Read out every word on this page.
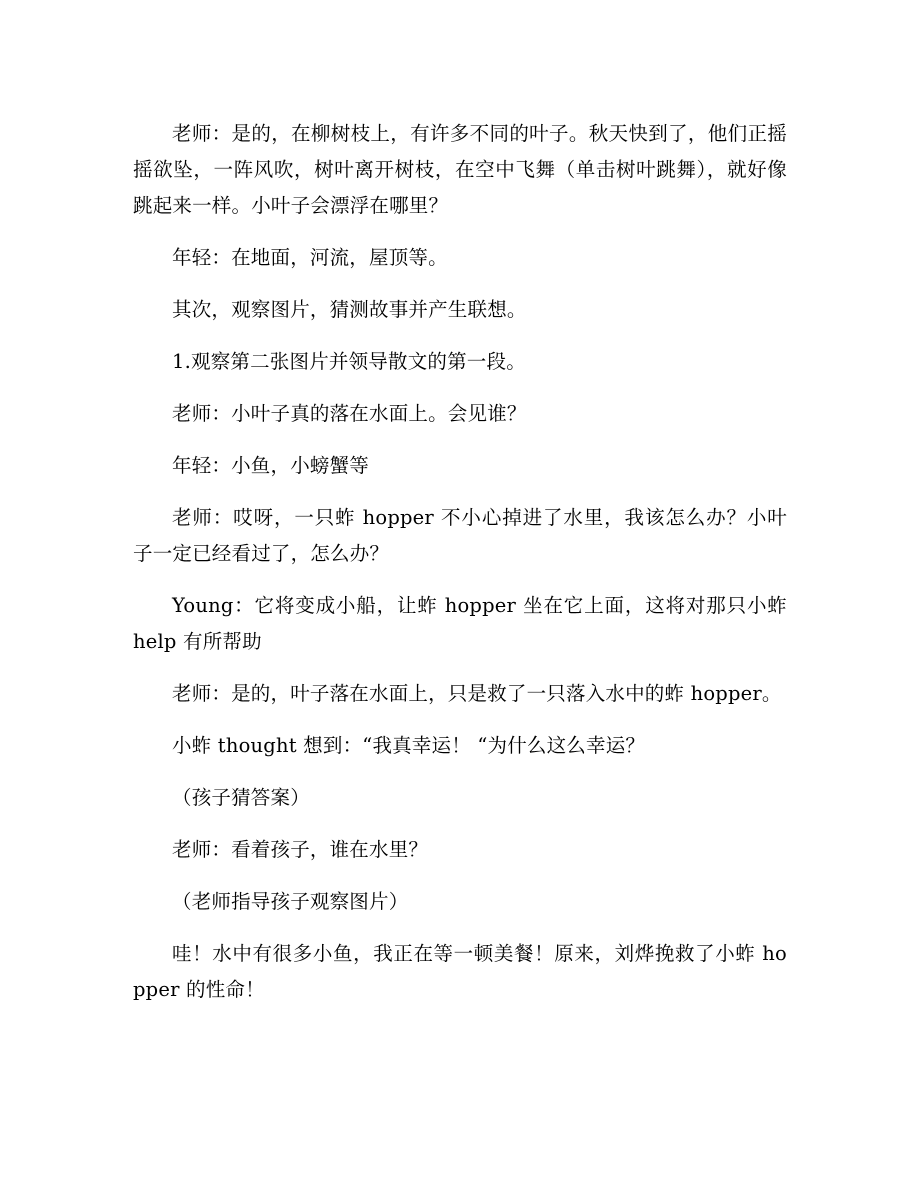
老师：是的，在柳树枝上，有许多不同的叶子。秋天快到了，他们正摇摇欲坠，一阵风吹，树叶离开树枝，在空中飞舞（单击树叶跳舞），就好像跳起来一样。小叶子会漂浮在哪里？

年轻：在地面，河流，屋顶等。

其次，观察图片，猜测故事并产生联想。

1.观察第二张图片并领导散文的第一段。

老师：小叶子真的落在水面上。会见谁？

年轻：小鱼，小螃蟹等

老师：哎呀，一只蚱 hopper 不小心掉进了水里，我该怎么办？小叶子一定已经看过了，怎么办？

Young：它将变成小船，让蚱 hopper 坐在它上面，这将对那只小蚱 help 有所帮助

老师：是的，叶子落在水面上，只是救了一只落入水中的蚱 hopper。

小蚱 thought 想到：“我真幸运！ “为什么这么幸运？

（孩子猜答案）

老师：看着孩子，谁在水里？

（老师指导孩子观察图片）

哇！水中有很多小鱼，我正在等一顿美餐！原来，刘烨挽救了小蚱 hopper 的性命！
